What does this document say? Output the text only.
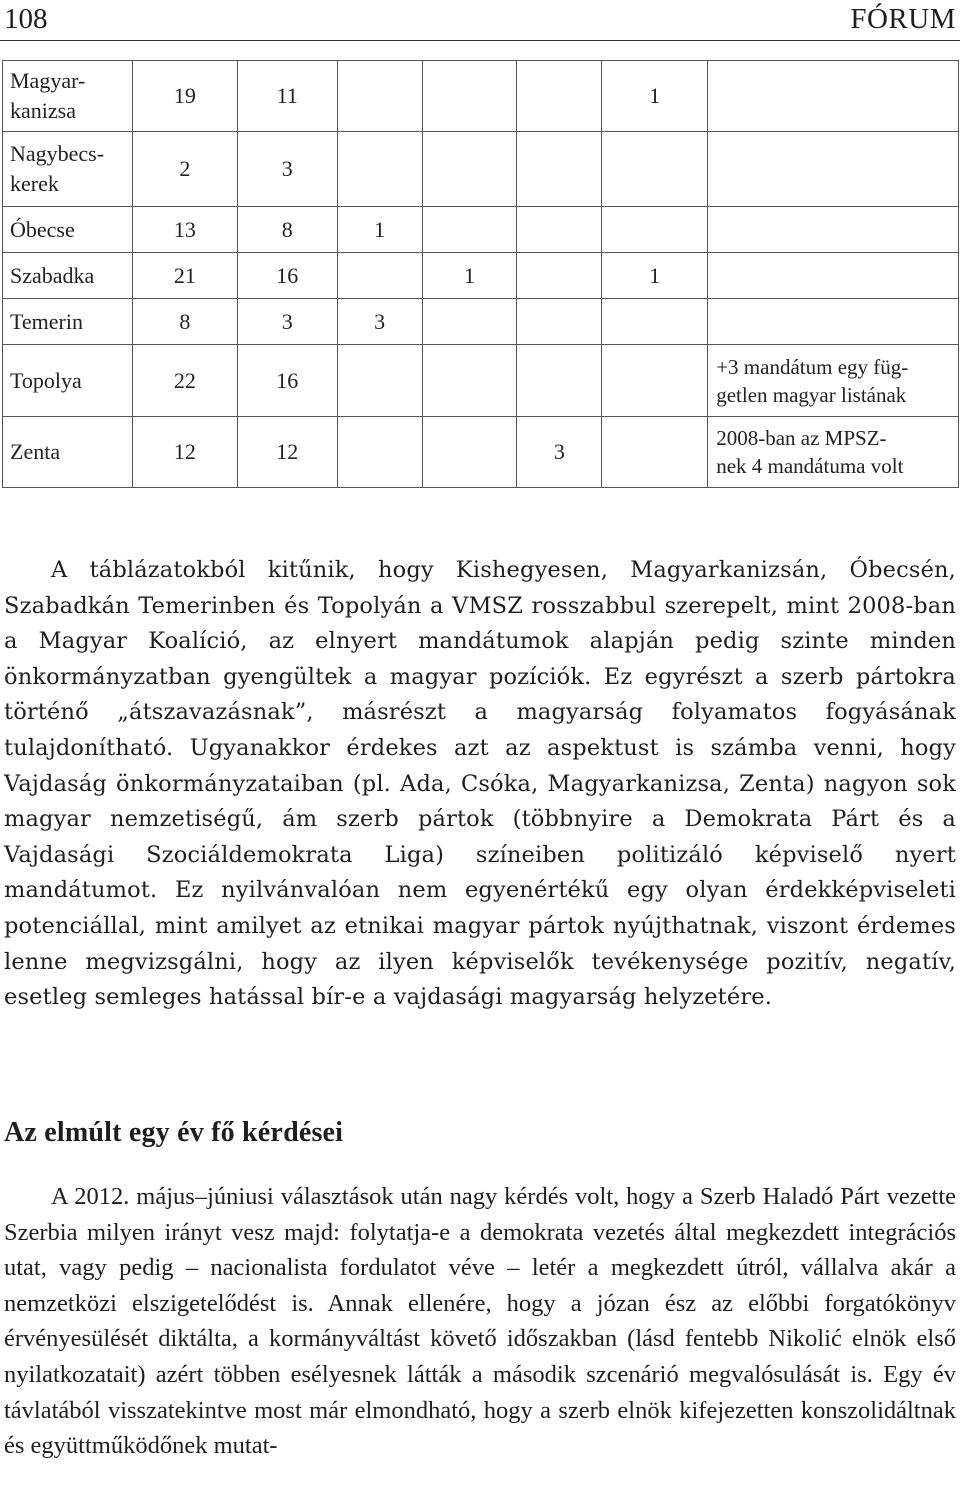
108	FÓRUM
Magyar-
kanizsa	19	11				1	
Nagybecs-
kerek	2	3					
Óbecse	13	8	1				
Szabadka	21	16		1		1	
Temerin	8	3	3				
Topolya	22	16					+3 mandátum egy füg-
getlen magyar listának
Zenta	12	12			3		2008-ban az MPSZ-
nek 4 mandátuma volt

A táblázatokból kitűnik, hogy Kishegyesen, Magyarkanizsán, Óbecsén, Szabadkán Temerinben és Topolyán a VMSZ rosszabbul szerepelt, mint 2008-ban a Magyar Koalíció, az elnyert mandátumok alapján pedig szinte minden önkormányzatban gyengültek a magyar pozíciók. Ez egyrészt a szerb pártokra történő „átszavazásnak”, másrészt a magyarság folyamatos fogyásának tulajdonítható. Ugyanakkor érdekes azt az aspektust is számba venni, hogy Vajdaság önkormányzataiban (pl. Ada, Csóka, Magyarkanizsa, Zenta) nagyon sok magyar nemzetiségű, ám szerb pártok (többnyire a Demokrata Párt és a Vajdasági Szociáldemokrata Liga) színeiben politizáló képviselő nyert mandátumot. Ez nyilvánvalóan nem egyenértékű egy olyan érdekképviseleti potenciállal, mint amilyet az etnikai magyar pártok nyújthatnak, viszont érdemes lenne megvizsgálni, hogy az ilyen képviselők tevékenysége pozitív, negatív, esetleg semleges hatással bír-e a vajdasági magyarság helyzetére.

Az elmúlt egy év fő kérdései

A 2012. május–júniusi választások után nagy kérdés volt, hogy a Szerb Haladó Párt vezette Szerbia milyen irányt vesz majd: folytatja-e a demokrata vezetés által megkezdett integrációs utat, vagy pedig – nacionalista fordulatot véve – letér a megkezdett útról, vállalva akár a nemzetközi elszigetelődést is. Annak ellenére, hogy a józan ész az előbbi forgatókönyv érvényesülését diktálta, a kormányváltást követő időszakban (lásd fentebb Nikolić elnök első nyilatkozatait) azért többen esélyesnek látták a második szcenárió megvalósulását is. Egy év távlatából visszatekintve most már elmondható, hogy a szerb elnök kifejezetten konszolidáltnak és együttműködőnek mutat-
